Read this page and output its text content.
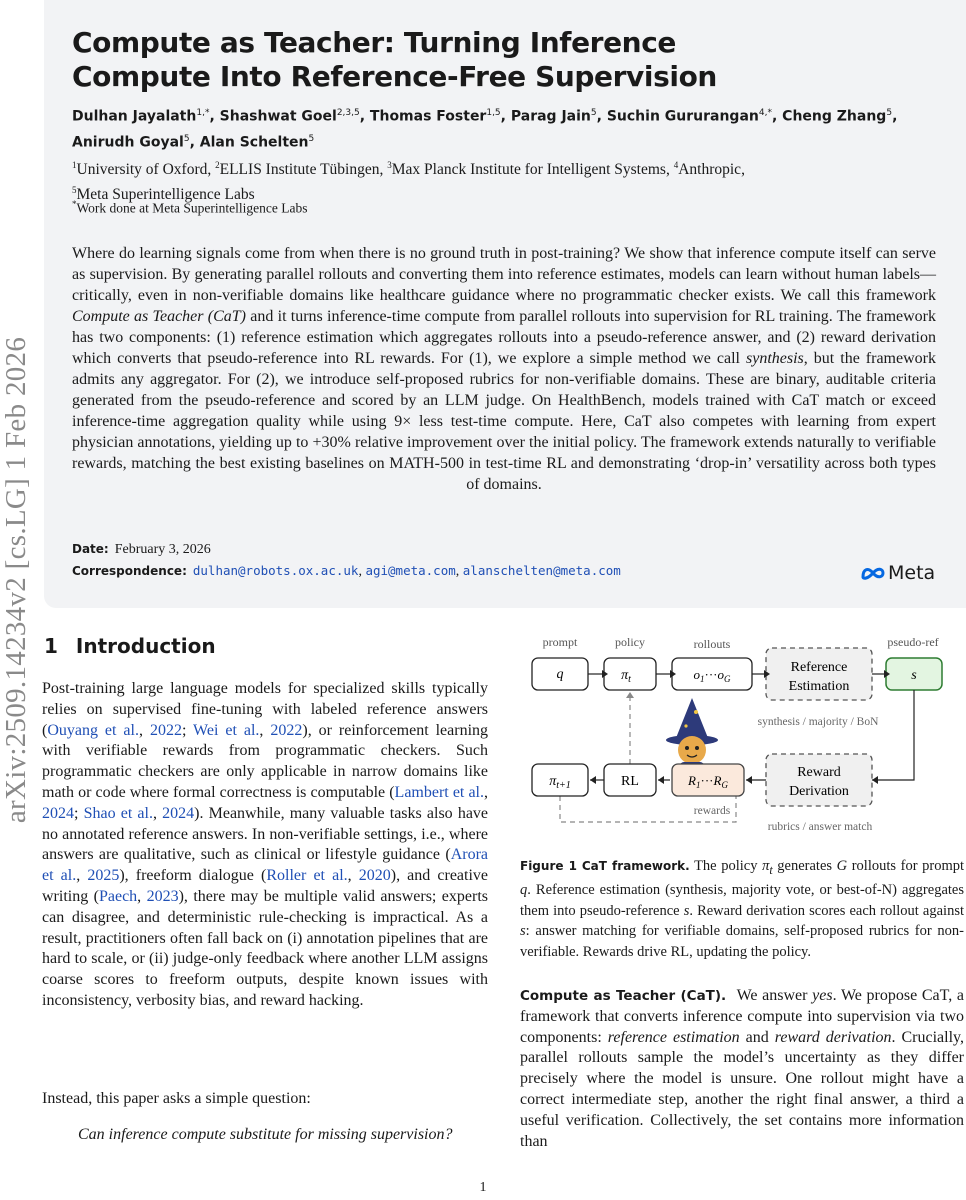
arXiv:2509.14234v2 [cs.LG] 1 Feb 2026
Compute as Teacher: Turning Inference
Compute Into Reference-Free Supervision
Dulhan Jayalath$^{1,*}$, Shashwat Goel$^{2,3,5}$, Thomas Foster$^{1,5}$, Parag Jain$^5$, Suchin Gururangan$^{4,*}$, Cheng Zhang$^5$, Anirudh Goyal$^5$, Alan Schelten$^5$
$^1$University of Oxford, $^2$ELLIS Institute Tübingen, $^3$Max Planck Institute for Intelligent Systems, $^4$Anthropic,
$^5$Meta Superintelligence Labs
*Work done at Meta Superintelligence Labs
Where do learning signals come from when there is no ground truth in post-training? We show that inference compute itself can serve as supervision. By generating parallel rollouts and converting them into reference estimates, models can learn without human labels—critically, even in non-verifiable domains like healthcare guidance where no programmatic checker exists. We call this framework Compute as Teacher (CaT) and it turns inference-time compute from parallel rollouts into supervision for RL training. The framework has two components: (1) reference estimation which aggregates rollouts into a pseudo-reference answer, and (2) reward derivation which converts that pseudo-reference into RL rewards. For (1), we explore a simple method we call synthesis, but the framework admits any aggregator. For (2), we introduce self-proposed rubrics for non-verifiable domains. These are binary, auditable criteria generated from the pseudo-reference and scored by an LLM judge. On HealthBench, models trained with CaT match or exceed inference-time aggregation quality while using 9× less test-time compute. Here, CaT also competes with learning from expert physician annotations, yielding up to +30% relative improvement over the initial policy. The framework extends naturally to verifiable rewards, matching the best existing baselines on MATH-500 in test-time RL and demonstrating ‘drop-in’ versatility across both types of domains.
Date: February 3, 2026
Correspondence: dulhan@robots.ox.ac.uk, agi@meta.com, alanschelten@meta.com	Meta
1 Introduction
Post-training large language models for specialized skills typically relies on supervised fine-tuning with labeled reference answers (Ouyang et al., 2022; Wei et al., 2022), or reinforcement learning with verifiable rewards from programmatic checkers. Such programmatic checkers are only applicable in narrow domains like math or code where formal correctness is computable (Lambert et al., 2024; Shao et al., 2024). Meanwhile, many valuable tasks also have no annotated reference answers. In non-verifiable settings, i.e., where answers are qualitative, such as clinical or lifestyle guidance (Arora et al., 2025), freeform dialogue (Roller et al., 2020), and creative writing (Paech, 2023), there may be multiple valid answers; experts can disagree, and deterministic rule-checking is impractical. As a result, practitioners often fall back on (i) annotation pipelines that are hard to scale, or (ii) judge-only feedback where another LLM assigns coarse scores to freeform outputs, despite known issues with inconsistency, verbosity bias, and reward hacking.
Instead, this paper asks a simple question:
Can inference compute substitute for missing supervision?
prompt	policy	rollouts	pseudo-ref
q	$\pi_t$	$o_1\cdot\cdot\cdot o_G$
Reference
Estimation
s
synthesis / majority / BoN
$\pi_{t+1}$	RL	$R_1\cdot\cdot\cdot R_G$
Reward
Derivation
rewards
rubrics / answer match
Figure 1 CaT framework. The policy $\pi_t$ generates G rollouts for prompt q. Reference estimation (synthesis, majority vote, or best-of-N) aggregates them into pseudo-reference s. Reward derivation scores each rollout against s: answer matching for verifiable domains, self-proposed rubrics for non-verifiable. Rewards drive RL, updating the policy.
Compute as Teacher (CaT). We answer yes. We propose CaT, a framework that converts inference compute into supervision via two components: reference estimation and reward derivation. Crucially, parallel rollouts sample the model’s uncertainty as they differ precisely where the model is unsure. One rollout might have a correct intermediate step, another the right final answer, a third a useful verification. Collectively, the set contains more information than
1
